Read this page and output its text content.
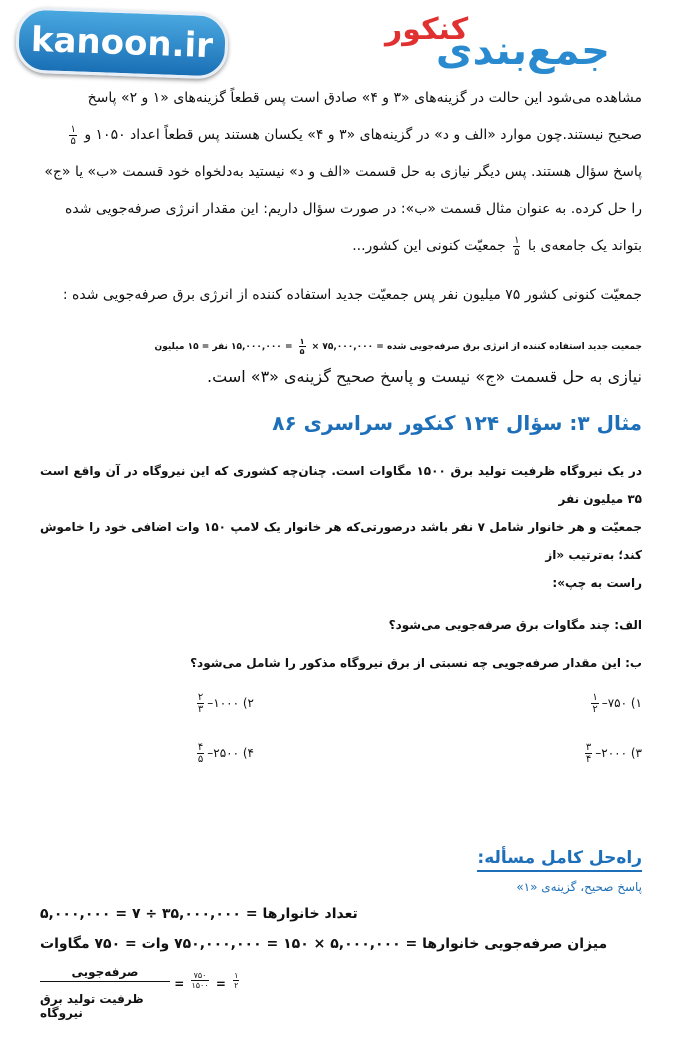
kanoon.ir	جمع‌بندی
کنکور
مشاهده می‌شود این حالت در گزینه‌های «۳ و ۴» صادق است پس قطعاً گزینه‌های «۱ و ۲» پاسخ
صحیح نیستند.چون موارد «الف و د» در گزینه‌های «۳ و ۴» یکسان هستند پس قطعاً اعداد ۱۰۵۰ و
۱
۵
پاسخ سؤال هستند. پس دیگر نیازی به حل قسمت «الف و د» نیستید به‌دلخواه خود قسمت «ب» یا «ج»
را حل کرده. به عنوان مثال قسمت «ب»: در صورت سؤال داریم: این مقدار انرژی صرفه‌جویی شده
بتواند یک جامعه‌ی با
۱
۵
جمعیّت کنونی این کشور...
جمعیّت کنونی کشور ۷۵ میلیون نفر پس جمعیّت جدید استفاده کننده از انرژی برق صرفه‌جویی شده :
جمعیت جدید استفاده کننده از انرژی برق صرفه‌جویی شده = ۷۵,۰۰۰,۰۰۰ ×
۱
۵
= ۱۵,۰۰۰,۰۰۰ نفر = ۱۵ میلیون
نیازی به حل قسمت «ج» نیست و پاسخ صحیح گزینه‌ی «۳» است.
مثال ۳: سؤال ۱۲۴ کنکور سراسری ۸۶
در یک نیروگاه ظرفیت تولید برق ۱۵۰۰ مگاوات است. چنان‌چه کشوری که این نیروگاه در آن واقع است ۳۵ میلیون نفر
جمعیّت و هر خانوار شامل ۷ نفر باشد درصورتی‌که هر خانوار یک لامپ ۱۵۰ وات اضافی خود را خاموش کند؛ به‌ترتیب «از
راست به چپ»:
الف: چند مگاوات برق صرفه‌جویی می‌شود؟
ب: این مقدار صرفه‌جویی چه نسبتی از برق نیروگاه مذکور را شامل می‌شود؟
۱) ۷۵۰–
۱
۲
۲) ۱۰۰۰–
۲
۳
۳) ۲۰۰۰–
۳
۴
۴) ۲۵۰۰–
۴
۵
راه‌حل کامل مسأله:
پاسخ صحیح، گزینه‌ی «۱»
تعداد خانوارها = ۳۵,۰۰۰,۰۰۰ ÷ ۷ = ۵,۰۰۰,۰۰۰
میزان صرفه‌جویی خانوارها = ۵,۰۰۰,۰۰۰ × ۱۵۰ = ۷۵۰,۰۰۰,۰۰۰ وات = ۷۵۰ مگاوات
صرفه‌جویی
ظرفیت تولید برق نیروگاه
=
۷۵۰
۱۵۰۰ =
۱
۲
